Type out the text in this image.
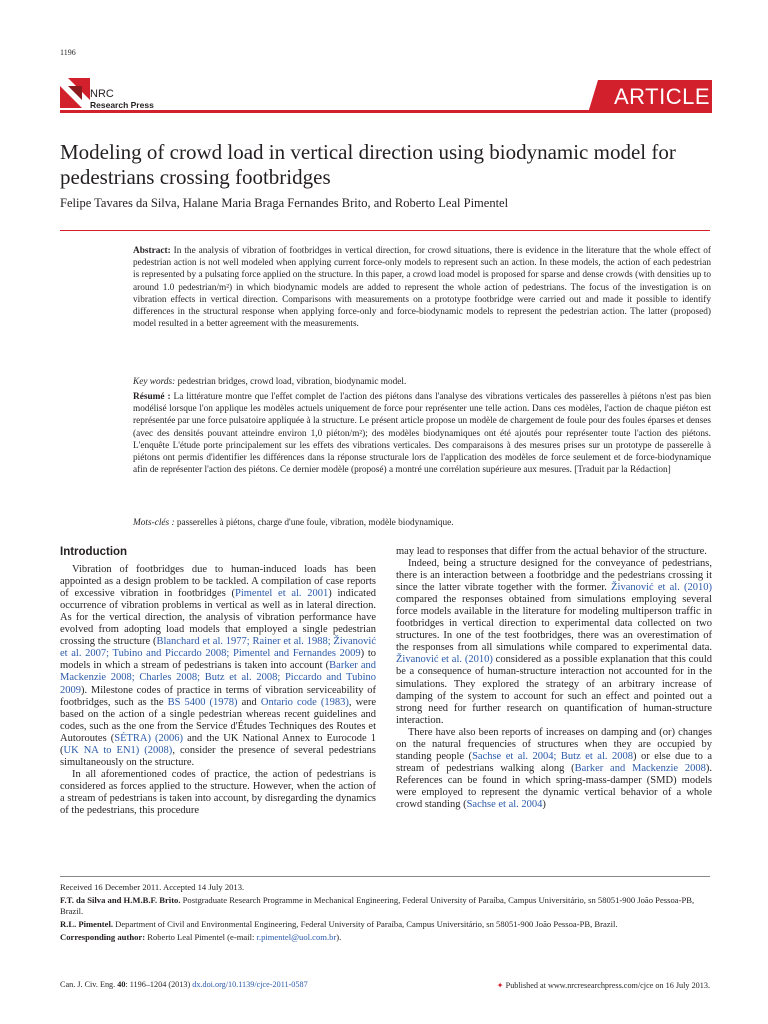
1196
NRC
Research Press	ARTICLE
Modeling of crowd load in vertical direction using biodynamic model for pedestrians crossing footbridges
Felipe Tavares da Silva, Halane Maria Braga Fernandes Brito, and Roberto Leal Pimentel
Abstract: In the analysis of vibration of footbridges in vertical direction, for crowd situations, there is evidence in the literature that the whole effect of pedestrian action is not well modeled when applying current force-only models to represent such an action. In these models, the action of each pedestrian is represented by a pulsating force applied on the structure. In this paper, a crowd load model is proposed for sparse and dense crowds (with densities up to around 1.0 pedestrian/m²) in which biodynamic models are added to represent the whole action of pedestrians. The focus of the investigation is on vibration effects in vertical direction. Comparisons with measurements on a prototype footbridge were carried out and made it possible to identify differences in the structural response when applying force-only and force-biodynamic models to represent the pedestrian action. The latter (proposed) model resulted in a better agreement with the measurements.
Key words: pedestrian bridges, crowd load, vibration, biodynamic model.
Résumé : La littérature montre que l'effet complet de l'action des piétons dans l'analyse des vibrations verticales des passerelles à piétons n'est pas bien modélisé lorsque l'on applique les modèles actuels uniquement de force pour représenter une telle action. Dans ces modèles, l'action de chaque piéton est représentée par une force pulsatoire appliquée à la structure. Le présent article propose un modèle de chargement de foule pour des foules éparses et denses (avec des densités pouvant atteindre environ 1,0 piéton/m²); des modèles biodynamiques ont été ajoutés pour représenter toute l'action des piétons. L'enquête L'étude porte principalement sur les effets des vibrations verticales. Des comparaisons à des mesures prises sur un prototype de passerelle à piétons ont permis d'identifier les différences dans la réponse structurale lors de l'application des modèles de force seulement et de force-biodynamique afin de représenter l'action des piétons. Ce dernier modèle (proposé) a montré une corrélation supérieure aux mesures. [Traduit par la Rédaction]
Mots-clés : passerelles à piétons, charge d'une foule, vibration, modèle biodynamique.
Introduction

Vibration of footbridges due to human-induced loads has been appointed as a design problem to be tackled. A compilation of case reports of excessive vibration in footbridges (Pimentel et al. 2001) indicated occurrence of vibration problems in vertical as well as in lateral direction. As for the vertical direction, the analysis of vibration performance have evolved from adopting load models that employed a single pedestrian crossing the structure (Blanchard et al. 1977; Rainer et al. 1988; Živanović et al. 2007; Tubino and Piccardo 2008; Pimentel and Fernandes 2009) to models in which a stream of pedestrians is taken into account (Barker and Mackenzie 2008; Charles 2008; Butz et al. 2008; Piccardo and Tubino 2009). Milestone codes of practice in terms of vibration serviceability of footbridges, such as the BS 5400 (1978) and Ontario code (1983), were based on the action of a single pedestrian whereas recent guidelines and codes, such as the one from the Service d'Études Techniques des Routes et Autoroutes (SÉTRA) (2006) and the UK National Annex to Eurocode 1 (UK NA to EN1) (2008), consider the presence of several pedestrians simultaneously on the structure.

In all aforementioned codes of practice, the action of pedestrians is considered as forces applied to the structure. However, when the action of a stream of pedestrians is taken into account, by disregarding the dynamics of the pedestrians, this procedure

may lead to responses that differ from the actual behavior of the structure.

Indeed, being a structure designed for the conveyance of pedestrians, there is an interaction between a footbridge and the pedestrians crossing it since the latter vibrate together with the former. Živanović et al. (2010) compared the responses obtained from simulations employing several force models available in the literature for modeling multiperson traffic in footbridges in vertical direction to experimental data collected on two structures. In one of the test footbridges, there was an overestimation of the responses from all simulations while compared to experimental data. Živanović et al. (2010) considered as a possible explanation that this could be a consequence of human-structure interaction not accounted for in the simulations. They explored the strategy of an arbitrary increase of damping of the system to account for such an effect and pointed out a strong need for further research on quantification of human-structure interaction.

There have also been reports of increases on damping and (or) changes on the natural frequencies of structures when they are occupied by standing people (Sachse et al. 2004; Butz et al. 2008) or else due to a stream of pedestrians walking along (Barker and Mackenzie 2008). References can be found in which spring-mass-damper (SMD) models were employed to represent the dynamic vertical behavior of a whole crowd standing (Sachse et al. 2004)

Received 16 December 2011. Accepted 14 July 2013.

F.T. da Silva and H.M.B.F. Brito. Postgraduate Research Programme in Mechanical Engineering, Federal University of Paraíba, Campus Universitário, sn 58051-900 João Pessoa-PB, Brazil.

R.L. Pimentel. Department of Civil and Environmental Engineering, Federal University of Paraíba, Campus Universitário, sn 58051-900 João Pessoa-PB, Brazil.

Corresponding author: Roberto Leal Pimentel (e-mail: r.pimentel@uol.com.br).

Can. J. Civ. Eng. 40: 1196–1204 (2013) dx.doi.org/10.1139/cjce-2011-0587	✦ Published at www.nrcresearchpress.com/cjce on 16 July 2013.
